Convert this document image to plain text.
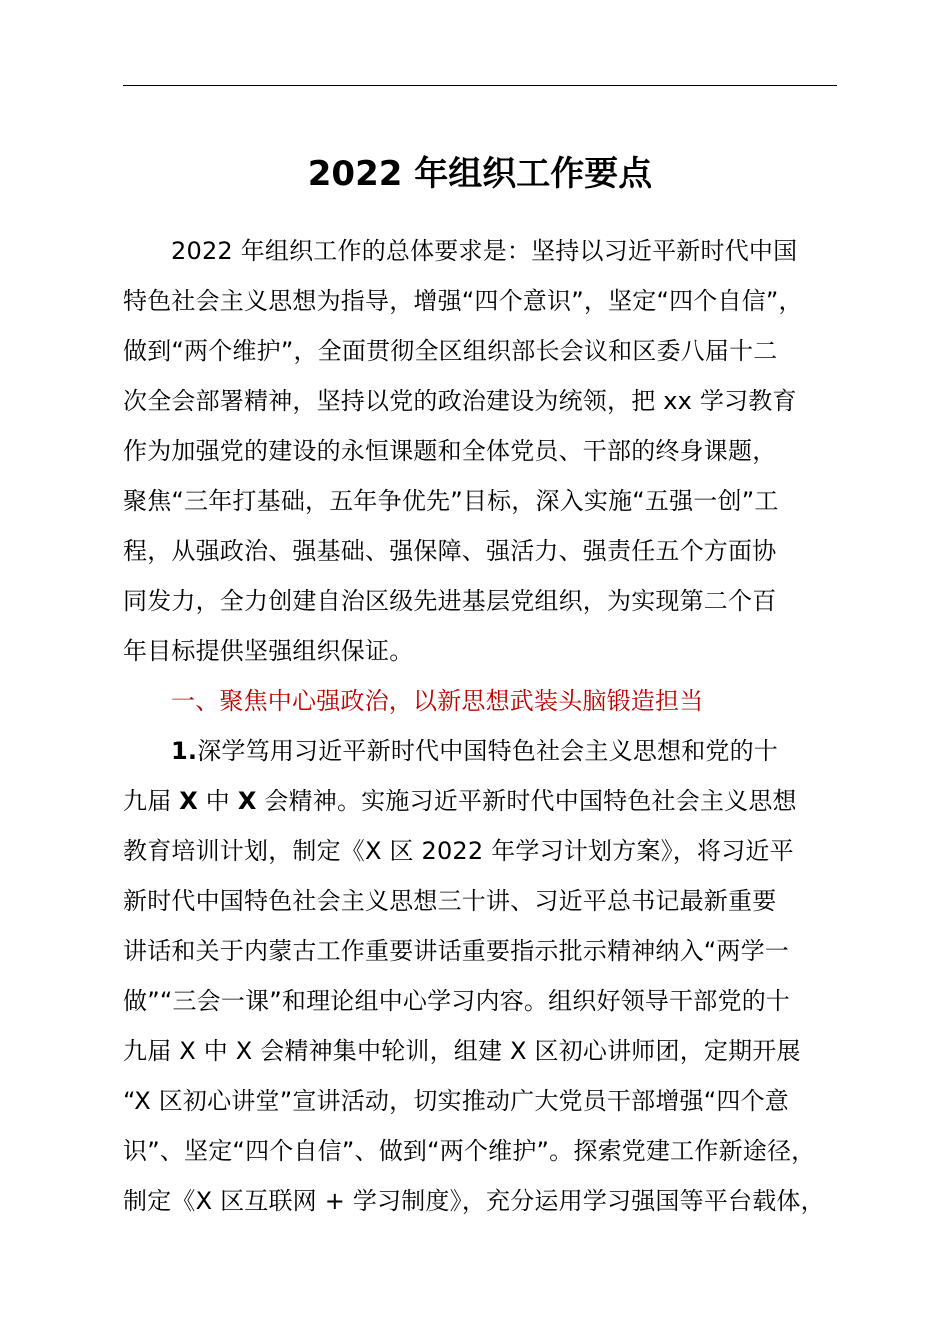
2022 年组织工作要点
2022 年组织工作的总体要求是：坚持以习近平新时代中国
特色社会主义思想为指导，增强“四个意识”，坚定“四个自信”，
做到“两个维护”，全面贯彻全区组织部长会议和区委八届十二
次全会部署精神，坚持以党的政治建设为统领，把 xx 学习教育
作为加强党的建设的永恒课题和全体党员、干部的终身课题，
聚焦“三年打基础，五年争优先”目标，深入实施“五强一创”工
程，从强政治、强基础、强保障、强活力、强责任五个方面协
同发力，全力创建自治区级先进基层党组织，为实现第二个百
年目标提供坚强组织保证。
一、聚焦中心强政治，以新思想武装头脑锻造担当
1.深学笃用习近平新时代中国特色社会主义思想和党的十
九届 X 中 X 会精神。实施习近平新时代中国特色社会主义思想
教育培训计划，制定《X 区 2022 年学习计划方案》，将习近平
新时代中国特色社会主义思想三十讲、习近平总书记最新重要
讲话和关于内蒙古工作重要讲话重要指示批示精神纳入“两学一
做”“三会一课”和理论组中心学习内容。组织好领导干部党的十
九届 X 中 X 会精神集中轮训，组建 X 区初心讲师团，定期开展
“X 区初心讲堂”宣讲活动，切实推动广大党员干部增强“四个意
识”、坚定“四个自信”、做到“两个维护”。探索党建工作新途径，
制定《X 区互联网 + 学习制度》，充分运用学习强国等平台载体，
